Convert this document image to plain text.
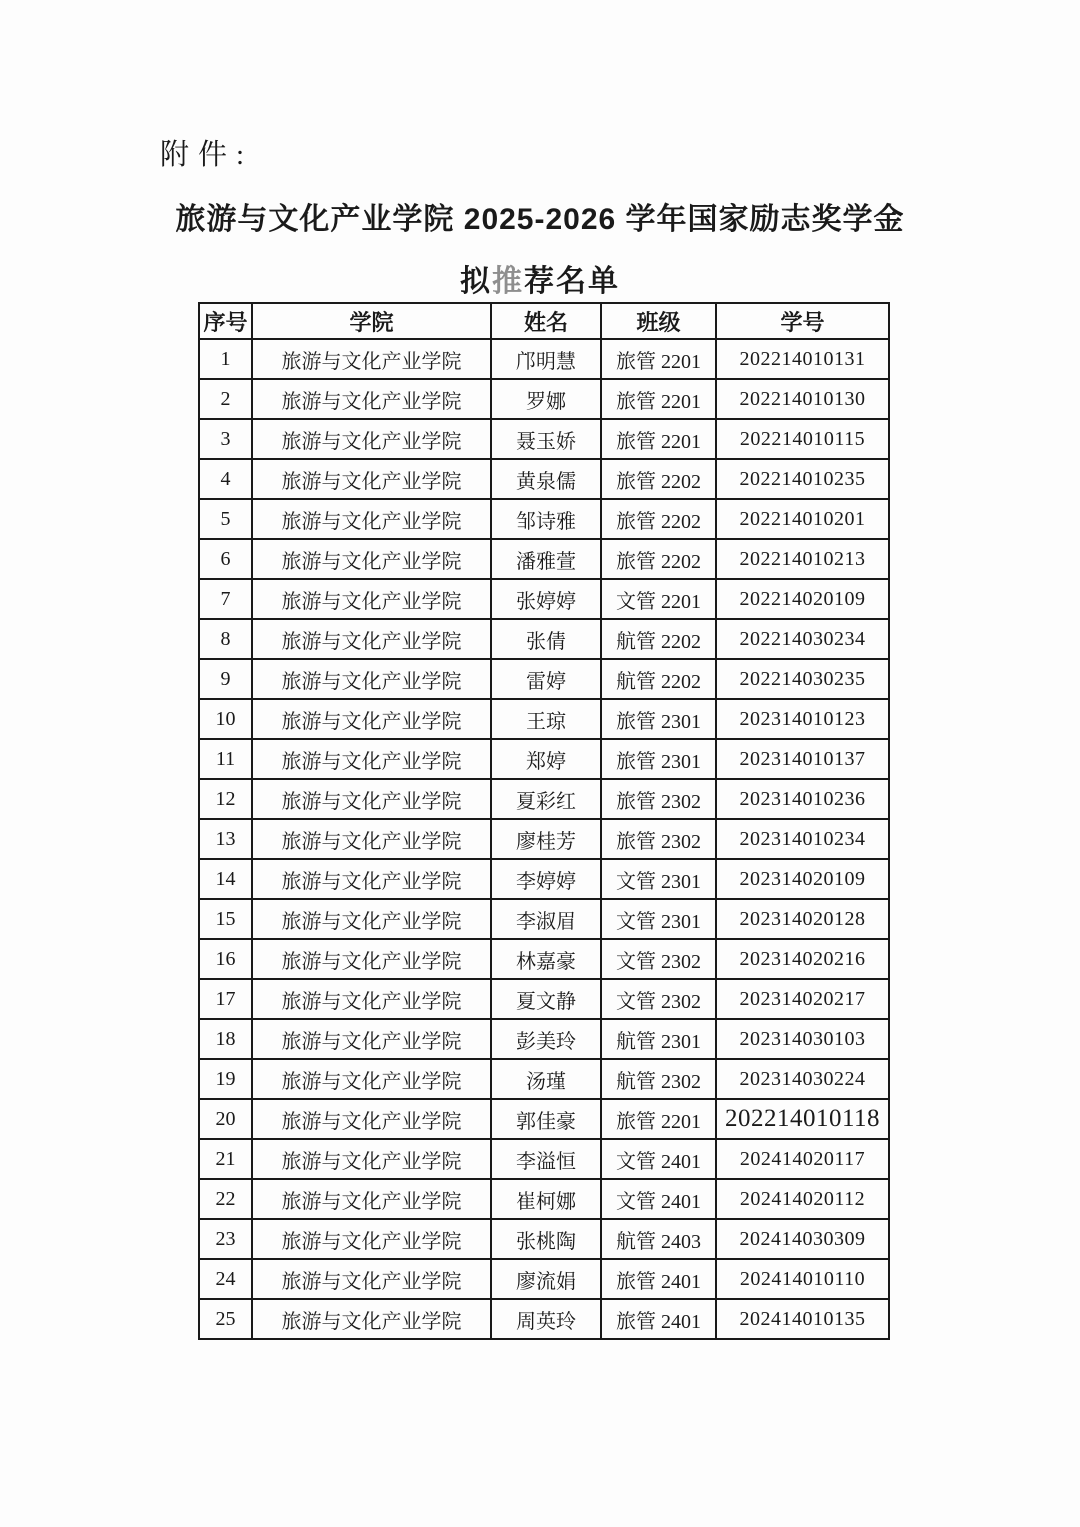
附件:
旅游与文化产业学院 2025-2026 学年国家励志奖学金
拟推荐名单
序号	学院	姓名	班级	学号
1	旅游与文化产业学院	邝明慧	旅管 2201	202214010131
2	旅游与文化产业学院	罗娜	旅管 2201	202214010130
3	旅游与文化产业学院	聂玉娇	旅管 2201	202214010115
4	旅游与文化产业学院	黄泉儒	旅管 2202	202214010235
5	旅游与文化产业学院	邹诗雅	旅管 2202	202214010201
6	旅游与文化产业学院	潘雅萱	旅管 2202	202214010213
7	旅游与文化产业学院	张婷婷	文管 2201	202214020109
8	旅游与文化产业学院	张倩	航管 2202	202214030234
9	旅游与文化产业学院	雷婷	航管 2202	202214030235
10	旅游与文化产业学院	王琼	旅管 2301	202314010123
11	旅游与文化产业学院	郑婷	旅管 2301	202314010137
12	旅游与文化产业学院	夏彩红	旅管 2302	202314010236
13	旅游与文化产业学院	廖桂芳	旅管 2302	202314010234
14	旅游与文化产业学院	李婷婷	文管 2301	202314020109
15	旅游与文化产业学院	李淑眉	文管 2301	202314020128
16	旅游与文化产业学院	林嘉豪	文管 2302	202314020216
17	旅游与文化产业学院	夏文静	文管 2302	202314020217
18	旅游与文化产业学院	彭美玲	航管 2301	202314030103
19	旅游与文化产业学院	汤瑾	航管 2302	202314030224
20	旅游与文化产业学院	郭佳豪	旅管 2201	202214010118
21	旅游与文化产业学院	李溢恒	文管 2401	202414020117
22	旅游与文化产业学院	崔柯娜	文管 2401	202414020112
23	旅游与文化产业学院	张桃陶	航管 2403	202414030309
24	旅游与文化产业学院	廖流娟	旅管 2401	202414010110
25	旅游与文化产业学院	周英玲	旅管 2401	202414010135
